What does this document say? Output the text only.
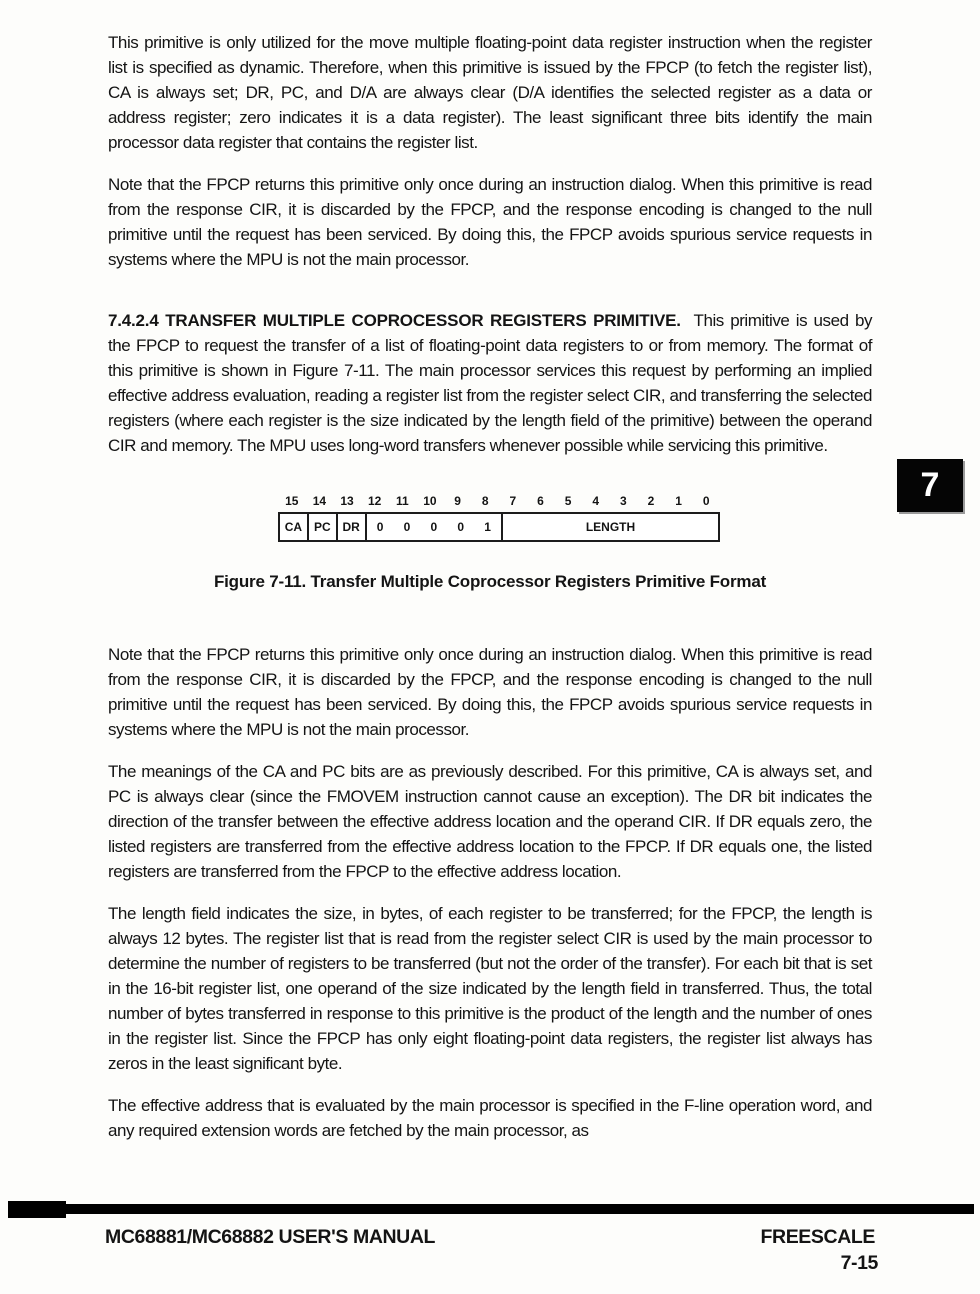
This primitive is only utilized for the move multiple floating-point data register instruction when the register list is specified as dynamic. Therefore, when this primitive is issued by the FPCP (to fetch the register list), CA is always set; DR, PC, and D/A are always clear (D/A identifies the selected register as a data or address register; zero indicates it is a data register). The least significant three bits identify the main processor data register that contains the register list.

Note that the FPCP returns this primitive only once during an instruction dialog. When this primitive is read from the response CIR, it is discarded by the FPCP, and the response encoding is changed to the null primitive until the request has been serviced. By doing this, the FPCP avoids spurious service requests in systems where the MPU is not the main processor.

7.4.2.4 TRANSFER MULTIPLE COPROCESSOR REGISTERS PRIMITIVE. This primitive is used by the FPCP to request the transfer of a list of floating-point data registers to or from memory. The format of this primitive is shown in Figure 7-11. The main processor services this request by performing an implied effective address evaluation, reading a register list from the register select CIR, and transferring the selected registers (where each register is the size indicated by the length field of the primitive) between the operand CIR and memory. The MPU uses long-word transfers whenever possible while servicing this primitive.

15	14	13	12	11	10	9	8	7	6	5	4	3	2	1	0
CA PC DR	0	0	0	0	1	LENGTH
Figure 7-11. Transfer Multiple Coprocessor Registers Primitive Format

Note that the FPCP returns this primitive only once during an instruction dialog. When this primitive is read from the response CIR, it is discarded by the FPCP, and the response encoding is changed to the null primitive until the request has been serviced. By doing this, the FPCP avoids spurious service requests in systems where the MPU is not the main processor.

The meanings of the CA and PC bits are as previously described. For this primitive, CA is always set, and PC is always clear (since the FMOVEM instruction cannot cause an exception). The DR bit indicates the direction of the transfer between the effective address location and the operand CIR. If DR equals zero, the listed registers are transferred from the effective address location to the FPCP. If DR equals one, the listed registers are transferred from the FPCP to the effective address location.

The length field indicates the size, in bytes, of each register to be transferred; for the FPCP, the length is always 12 bytes. The register list that is read from the register select CIR is used by the main processor to determine the number of registers to be transferred (but not the order of the transfer). For each bit that is set in the 16-bit register list, one operand of the size indicated by the length field in transferred. Thus, the total number of bytes transferred in response to this primitive is the product of the length and the number of ones in the register list. Since the FPCP has only eight floating-point data registers, the register list always has zeros in the least significant byte.

The effective address that is evaluated by the main processor is specified in the F-line operation word, and any required extension words are fetched by the main processor, as

7
MC68881/MC68882 USER'S MANUAL	FREESCALE
7-15
